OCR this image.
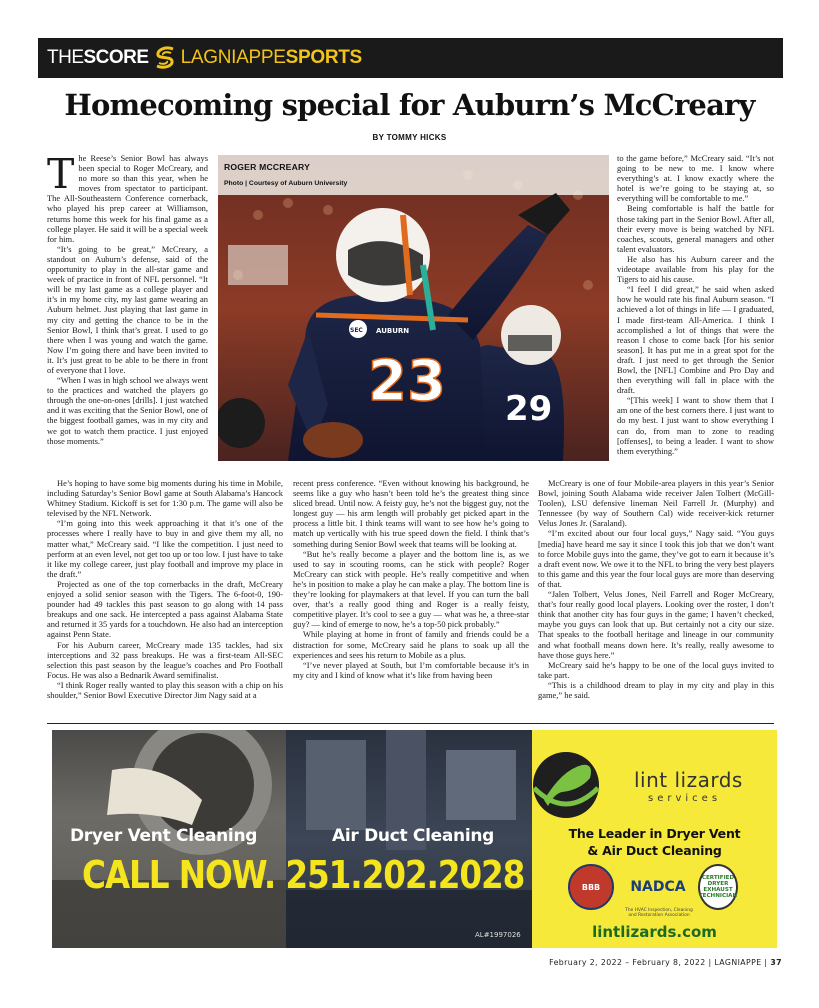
THESCORE LAGNIAPPESPORTS
Homecoming special for Auburn’s McCreary
BY TOMMY HICKS

The Reese’s Senior Bowl has always been special to Roger McCreary, and no more so than this year, when he moves from spectator to participant. The All-Southeastern Conference cornerback, who played his prep career at Williamson, returns home this week for his final game as a college player. He said it will be a special week for him.

“It’s going to be great,” McCreary, a standout on Auburn’s defense, said of the opportunity to play in the all-star game and week of practice in front of NFL personnel. “It will be my last game as a college player and it’s in my home city, my last game wearing an Auburn helmet. Just playing that last game in my city and getting the chance to be in the Senior Bowl, I think that’s great. I used to go there when I was young and watch the game. Now I’m going there and have been invited to it. It’s just great to be able to be there in front of everyone that I love.

“When I was in high school we always went to the practices and watched the players go through the one-on-ones [drills]. I just watched and it was exciting that the Senior Bowl, one of the biggest football games, was in my city and we got to watch them practice. I just enjoyed those moments.”

29
AUBURN
SEC
23
ROGER MCCREARY
Photo | Courtesy of Auburn University

to the game before,” McCreary said. “It’s not going to be new to me. I know where everything’s at. I know exactly where the hotel is we’re going to be staying at, so everything will be comfortable to me.”

Being comfortable is half the battle for those taking part in the Senior Bowl. After all, their every move is being watched by NFL coaches, scouts, general managers and other talent evaluators.

He also has his Auburn career and the videotape available from his play for the Tigers to aid his cause.

“I feel I did great,” he said when asked how he would rate his final Auburn season. “I achieved a lot of things in life — I graduated, I made first-team All-America. I think I accomplished a lot of things that were the reason I chose to come back [for his senior season]. It has put me in a great spot for the draft. I just need to get through the Senior Bowl, the [NFL] Combine and Pro Day and then everything will fall in place with the draft.

“[This week] I want to show them that I am one of the best corners there. I just want to do my best. I just want to show everything I can do, from man to zone to reading [offenses], to being a leader. I want to show them everything.”

He’s hoping to have some big moments during his time in Mobile, including Saturday’s Senior Bowl game at South Alabama’s Hancock Whitney Stadium. Kickoff is set for 1:30 p.m. The game will also be televised by the NFL Network.

“I’m going into this week approaching it that it’s one of the processes where I really have to buy in and give them my all, no matter what,” McCreary said. “I like the competition. I just need to perform at an even level, not get too up or too low. I just have to take it like my college career, just play football and improve my place in the draft.”

Projected as one of the top cornerbacks in the draft, McCreary enjoyed a solid senior season with the Tigers. The 6-foot-0, 190-pounder had 49 tackles this past season to go along with 14 pass breakups and one sack. He intercepted a pass against Alabama State and returned it 35 yards for a touchdown. He also had an interception against Penn State.

For his Auburn career, McCreary made 135 tackles, had six interceptions and 32 pass breakups. He was a first-team All-SEC selection this past season by the league’s coaches and Pro Football Focus. He was also a Bednarik Award semifinalist.

“I think Roger really wanted to play this season with a chip on his shoulder,” Senior Bowl Executive Director Jim Nagy said at a

recent press conference. “Even without knowing his background, he seems like a guy who hasn’t been told he’s the greatest thing since sliced bread. Until now. A feisty guy, he’s not the biggest guy, not the longest guy — his arm length will probably get picked apart in the process a little bit. I think teams will want to see how he’s going to match up vertically with his true speed down the field. I think that’s something during Senior Bowl week that teams will be looking at.

“But he’s really become a player and the bottom line is, as we used to say in scouting rooms, can he stick with people? Roger McCreary can stick with people. He’s really competitive and when he’s in position to make a play he can make a play. The bottom line is they’re looking for playmakers at that level. If you can turn the ball over, that’s a really good thing and Roger is a really feisty, competitive player. It’s cool to see a guy — what was he, a three-star guy? — kind of emerge to now, he’s a top-50 pick probably.”

While playing at home in front of family and friends could be a distraction for some, McCreary said he plans to soak up all the experiences and sees his return to Mobile as a plus.

“I’ve never played at South, but I’m comfortable because it’s in my city and I kind of know what it’s like from having been

McCreary is one of four Mobile-area players in this year’s Senior Bowl, joining South Alabama wide receiver Jalen Tolbert (McGill-Toolen), LSU defensive lineman Neil Farrell Jr. (Murphy) and Tennessee (by way of Southern Cal) wide receiver-kick returner Velus Jones Jr. (Saraland).

“I’m excited about our four local guys,” Nagy said. “You guys [media] have heard me say it since I took this job that we don’t want to force Mobile guys into the game, they’ve got to earn it because it’s a draft event now. We owe it to the NFL to bring the very best players to this game and this year the four local guys are more than deserving of that.

“Jalen Tolbert, Velus Jones, Neil Farrell and Roger McCreary, that’s four really good local players. Looking over the roster, I don’t think that another city has four guys in the game; I haven’t checked, maybe you guys can look that up. But certainly not a city our size. That speaks to the football heritage and lineage in our community and what football means down here. It’s really, really awesome to have those guys here.”

McCreary said he’s happy to be one of the local guys invited to take part.

“This is a childhood dream to play in my city and play in this game,” he said.

Dryer Vent Cleaning	Air Duct Cleaning
CALL NOW. 251.202.2028
AL#1997026
lint lizards
services
The Leader in Dryer Vent
& Air Duct Cleaning
BBB	NADCA
The HVAC Inspection, Cleaning and Restoration Association
CERTIFIED DRYER EXHAUST TECHNICIAN
lintlizards.com
February 2, 2022 – February 8, 2022 | LAGNIAPPE | 37
